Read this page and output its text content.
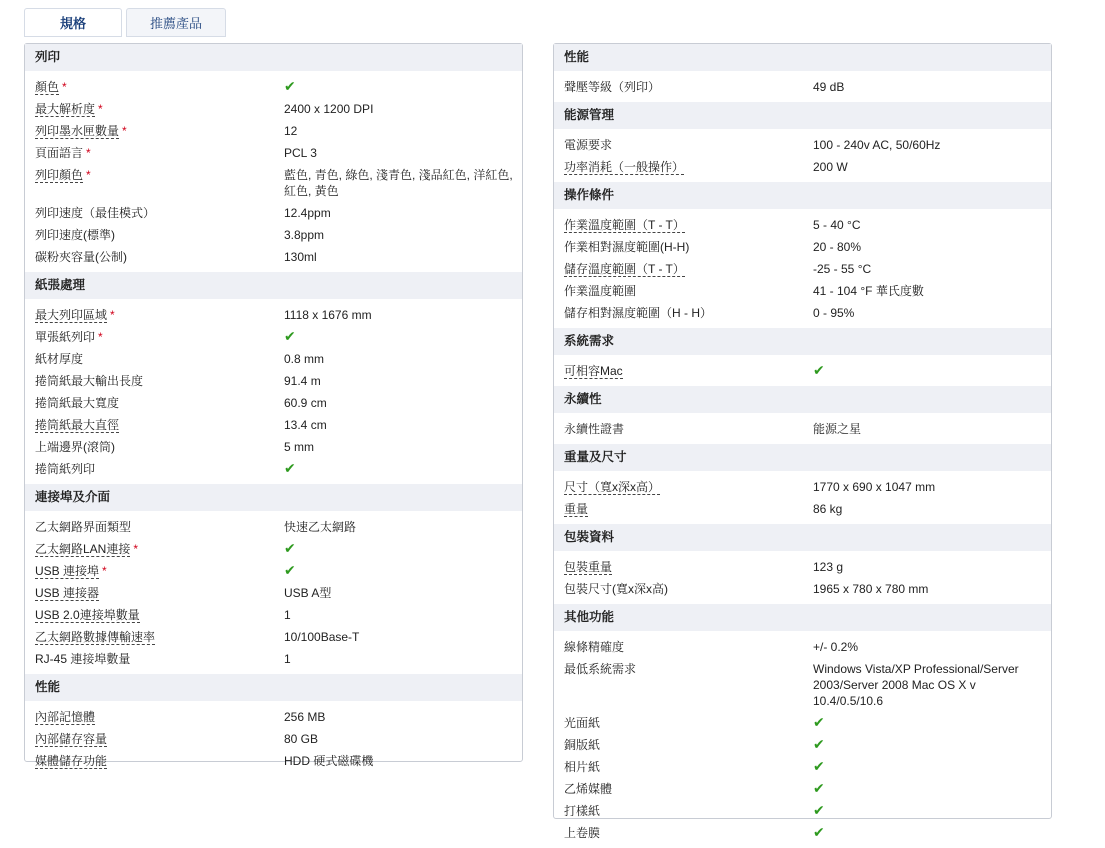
規格	推薦產品
列印
顏色 *	✔
最大解析度 *	2400 x 1200 DPI
列印墨水匣數量 *	12
頁面語言 *	PCL 3
列印顏色 *	藍色, 青色, 綠色, 淺青色, 淺品紅色, 洋紅色, 紅色, 黃色
列印速度（最佳模式）	12.4ppm
列印速度(標準)	3.8ppm
碳粉夾容量(公制)	130ml
紙張處理
最大列印區域 *	1118 x 1676 mm
單張紙列印 *	✔
紙材厚度	0.8 mm
捲筒紙最大輸出長度	91.4 m
捲筒紙最大寬度	60.9 cm
捲筒紙最大直徑	13.4 cm
上端邊界(滾筒)	5 mm
捲筒紙列印	✔
連接埠及介面
乙太網路界面類型	快速乙太網路
乙太網路LAN連接 *	✔
USB 連接埠 *	✔
USB 連接器	USB A型
USB 2.0連接埠數量	1
乙太網路數據傳輸速率	10/100Base-T
RJ-45 連接埠數量	1
性能
內部記憶體	256 MB
內部儲存容量	80 GB
媒體儲存功能	HDD 硬式磁碟機
性能
聲壓等級（列印）	49 dB
能源管理
電源要求	100 - 240v AC, 50/60Hz
功率消耗（一般操作）	200 W
操作條件
作業溫度範圍（T - T）	5 - 40 °C
作業相對濕度範圍(H-H)	20 - 80%
儲存溫度範圍（T - T）	-25 - 55 °C
作業溫度範圍	41 - 104 °F 華氏度數
儲存相對濕度範圍（H - H）	0 - 95%
系統需求
可相容Mac	✔
永續性
永續性證書	能源之星
重量及尺寸
尺寸（寬x深x高）	1770 x 690 x 1047 mm
重量	86 kg
包裝資料
包裝重量	123 g
包裝尺寸(寬x深x高)	1965 x 780 x 780 mm
其他功能
線條精確度	+/- 0.2%
最低系統需求	Windows Vista/XP Professional/Server 2003/Server 2008 Mac OS X v 10.4/0.5/10.6
光面紙	✔
銅版紙	✔
相片紙	✔
乙烯媒體	✔
打樣紙	✔
上卷膜	✔
